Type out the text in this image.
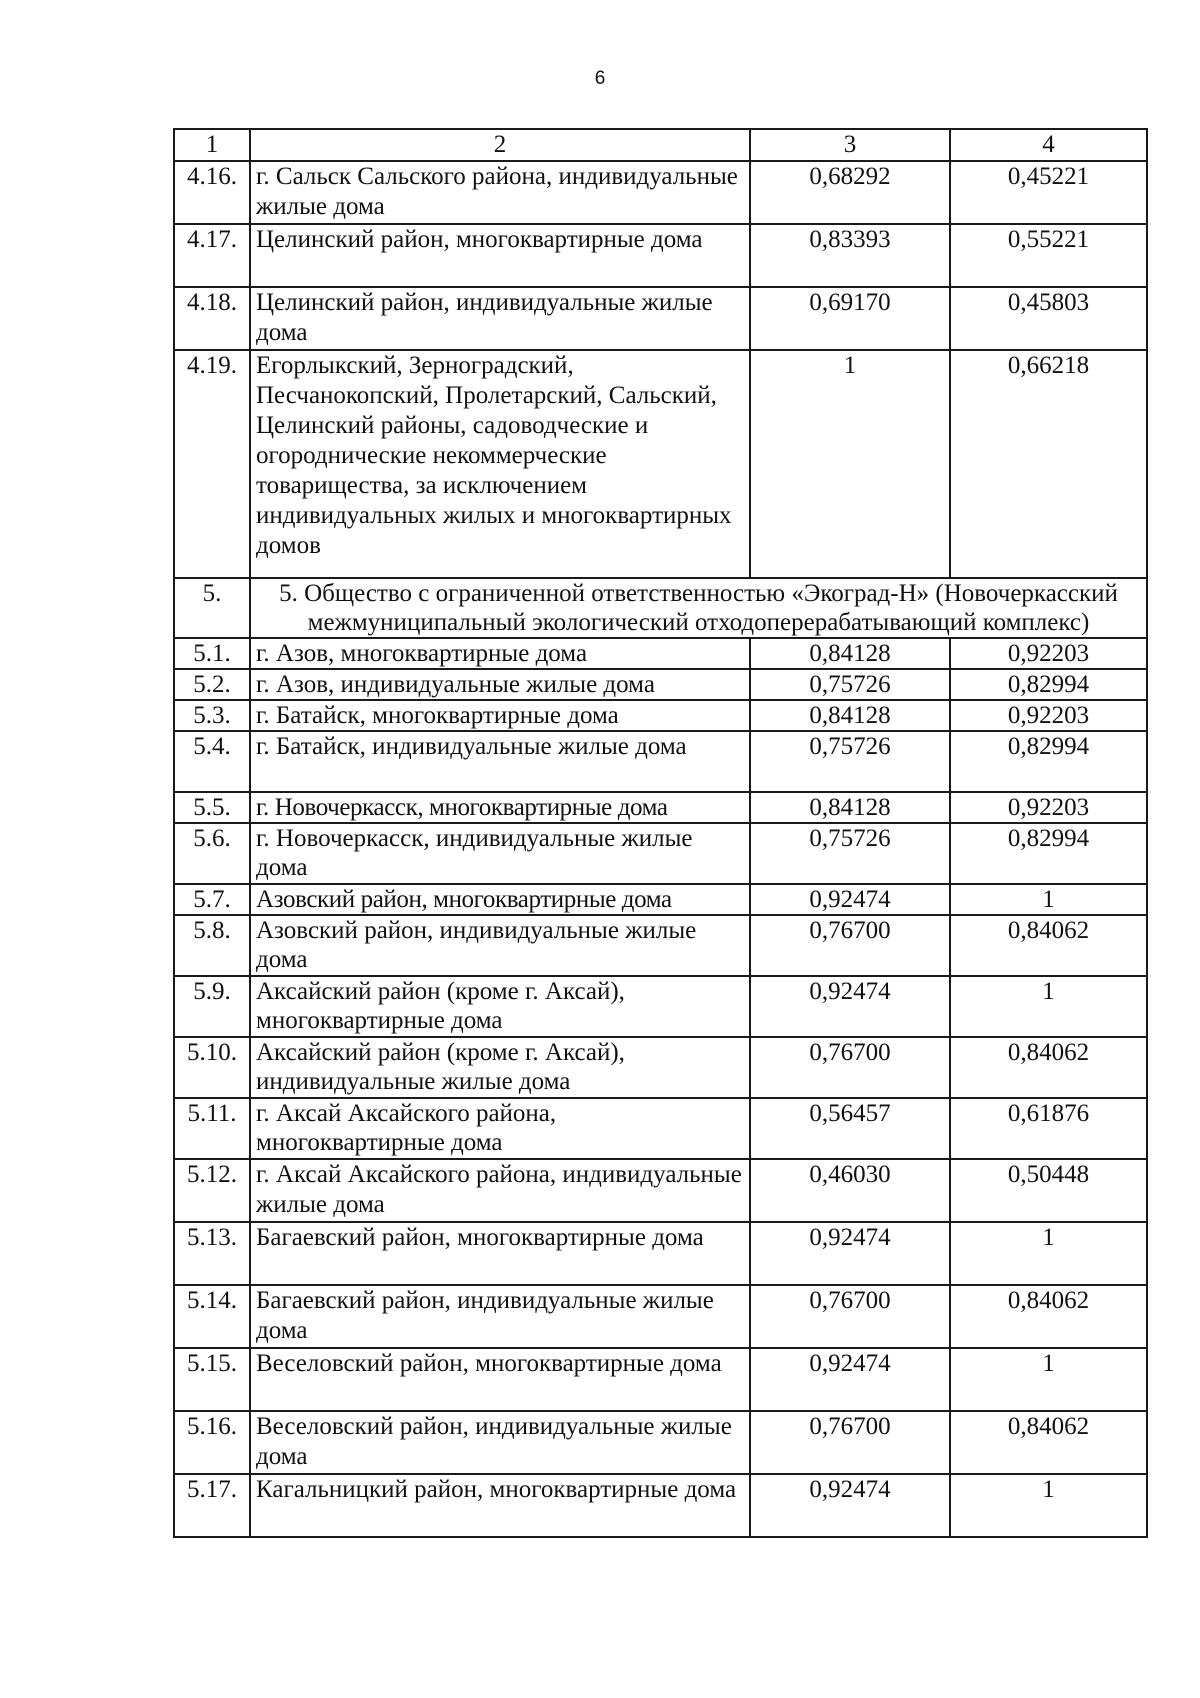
6
1	2	3	4
4.16.	г. Сальск Сальского района, индивидуальные жилые дома	0,68292	0,45221
4.17.	Целинский район, многоквартирные дома	0,83393	0,55221
4.18.	Целинский район, индивидуальные жилые дома	0,69170	0,45803
4.19.	Егорлыкский, Зерноградский, Песчанокопский, Пролетарский, Сальский, Целинский районы, садоводческие и огороднические некоммерческие товарищества, за исключением индивидуальных жилых и многоквартирных домов	1	0,66218
5.	5. Общество с ограниченной ответственностью «Экоград-Н» (Новочеркасский межмуниципальный экологический отходоперерабатывающий комплекс)		
5.1.	г. Азов, многоквартирные дома	0,84128	0,92203
5.2.	г. Азов, индивидуальные жилые дома	0,75726	0,82994
5.3.	г. Батайск, многоквартирные дома	0,84128	0,92203
5.4.	г. Батайск, индивидуальные жилые дома	0,75726	0,82994
5.5.	г. Новочеркасск, многоквартирные дома	0,84128	0,92203
5.6.	г. Новочеркасск, индивидуальные жилые дома	0,75726	0,82994
5.7.	Азовский район, многоквартирные дома	0,92474	1
5.8.	Азовский район, индивидуальные жилые дома	0,76700	0,84062
5.9.	Аксайский район (кроме г. Аксай), многоквартирные дома	0,92474	1
5.10.	Аксайский район (кроме г. Аксай), индивидуальные жилые дома	0,76700	0,84062
5.11.	г. Аксай Аксайского района, многоквартирные дома	0,56457	0,61876
5.12.	г. Аксай Аксайского района, индивидуальные жилые дома	0,46030	0,50448
5.13.	Багаевский район, многоквартирные дома	0,92474	1
5.14.	Багаевский район, индивидуальные жилые дома	0,76700	0,84062
5.15.	Веселовский район, многоквартирные дома	0,92474	1
5.16.	Веселовский район, индивидуальные жилые дома	0,76700	0,84062
5.17.	Кагальницкий район, многоквартирные дома	0,92474	1
